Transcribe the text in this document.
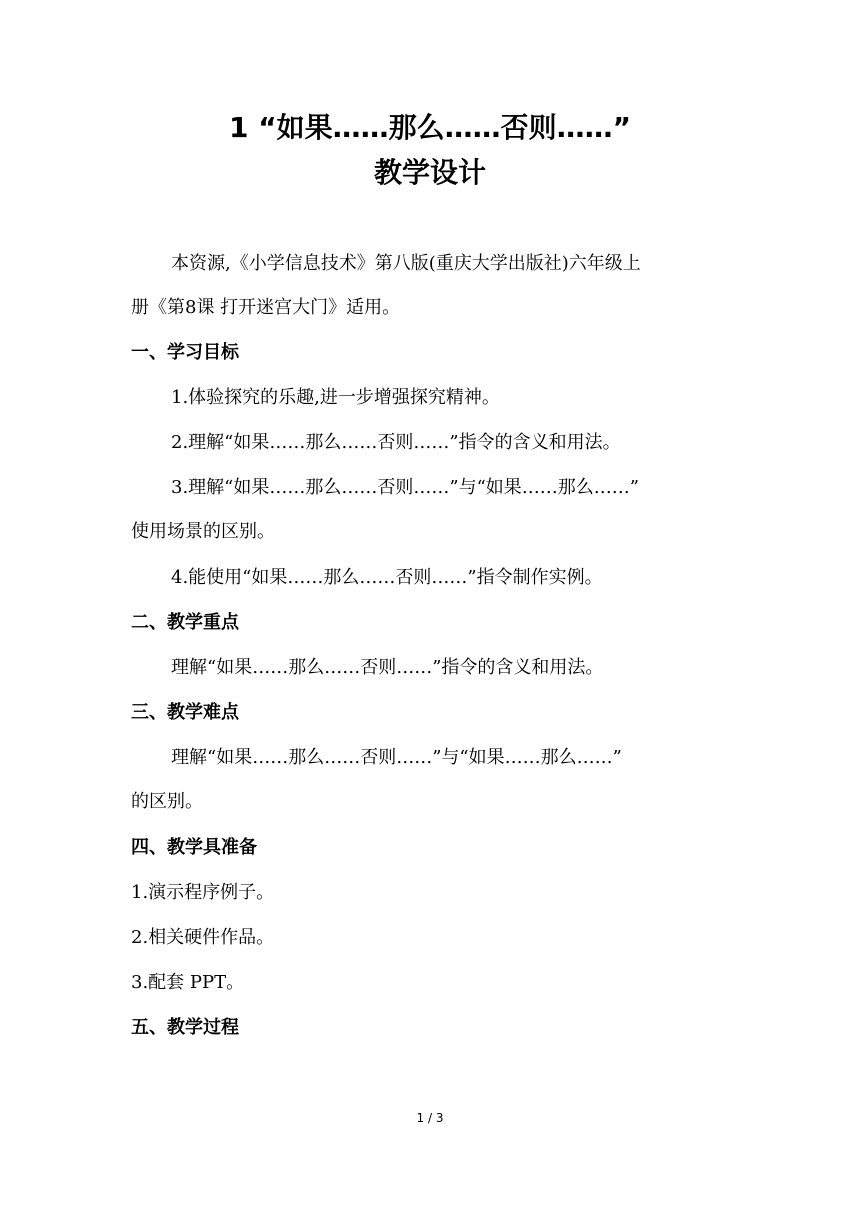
1 “如果……那么……否则……”
教学设计
本资源,《小学信息技术》第八版(重庆大学出版社)六年级上
册《第8课 打开迷宫大门》适用。
一、学习目标
1.体验探究的乐趣,进一步增强探究精神。
2.理解“如果……那么……否则……”指令的含义和用法。
3.理解“如果……那么……否则……”与“如果……那么……”
使用场景的区别。
4.能使用“如果……那么……否则……”指令制作实例。
二、教学重点
理解“如果……那么……否则……”指令的含义和用法。
三、教学难点
理解“如果……那么……否则……”与“如果……那么……”
的区别。
四、教学具准备
1.演示程序例子。
2.相关硬件作品。
3.配套 PPT。
五、教学过程
1 / 3
